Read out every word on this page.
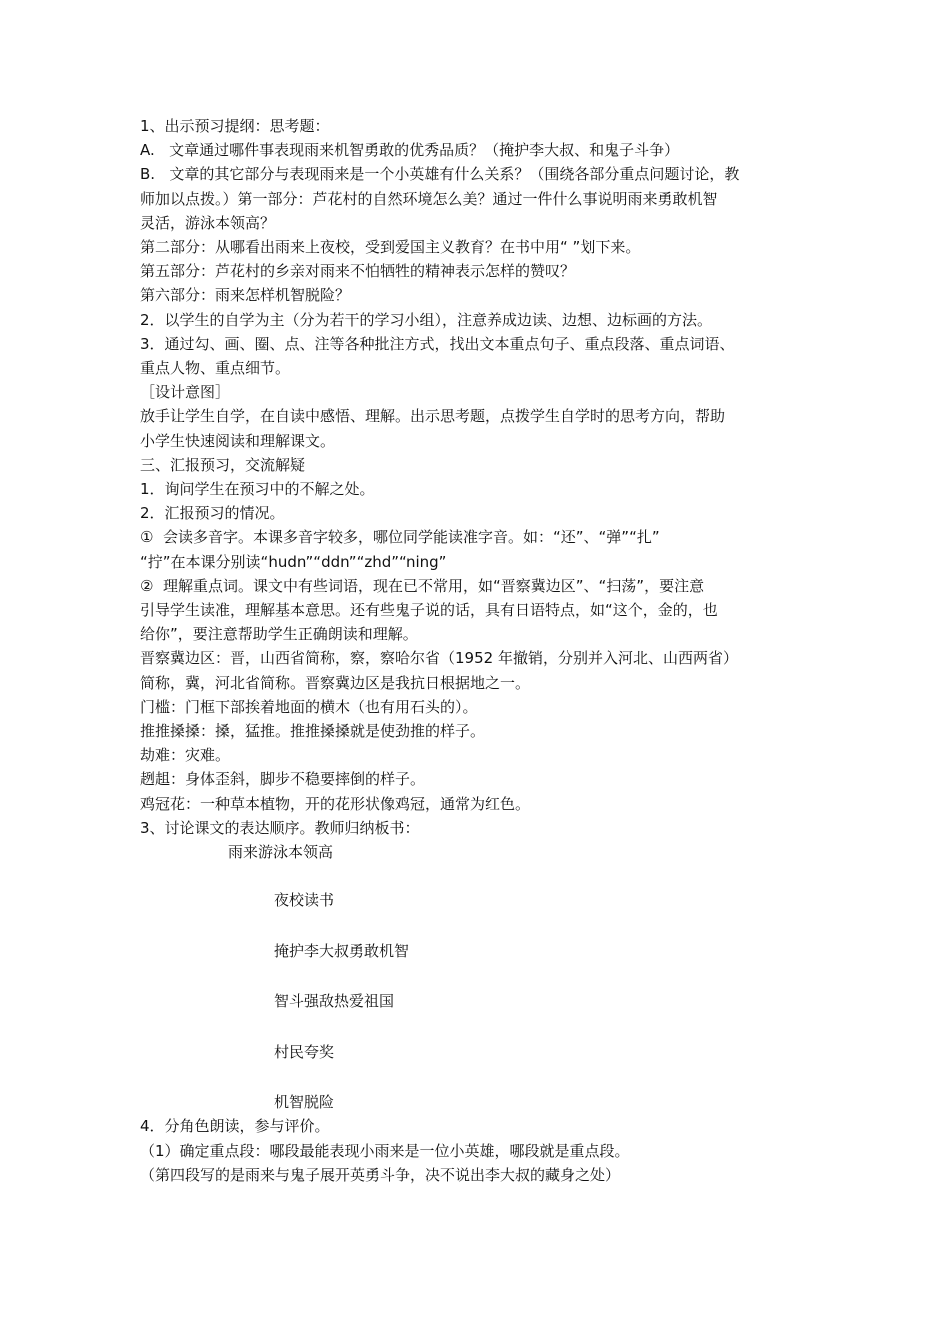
1、出示预习提纲：思考题：

A.   文章通过哪件事表现雨来机智勇敢的优秀品质？（掩护李大叔、和鬼子斗争）

B.   文章的其它部分与表现雨来是一个小英雄有什么关系？（围绕各部分重点问题讨论，教

师加以点拨。）第一部分：芦花村的自然环境怎么美？通过一件什么事说明雨来勇敢机智

灵活，游泳本领高？

第二部分：从哪看出雨来上夜校，受到爱国主义教育？在书中用“ ”划下来。

第五部分：芦花村的乡亲对雨来不怕牺牲的精神表示怎样的赞叹？

第六部分：雨来怎样机智脱险？

2．以学生的自学为主（分为若干的学习小组），注意养成边读、边想、边标画的方法。

3．通过勾、画、圈、点、注等各种批注方式，找出文本重点句子、重点段落、重点词语、

重点人物、重点细节。

［设计意图］

放手让学生自学，在自读中感悟、理解。出示思考题，点拨学生自学时的思考方向，帮助

小学生快速阅读和理解课文。

三、汇报预习，交流解疑

1．询问学生在预习中的不解之处。

2．汇报预习的情况。

①  会读多音字。本课多音字较多，哪位同学能读准字音。如：“还”、“弹”“扎”

“拧”在本课分别读“hudn”“ddn”“zhd”“ning”

②  理解重点词。课文中有些词语，现在已不常用，如“晋察冀边区”、“扫荡”，要注意

引导学生读准，理解基本意思。还有些鬼子说的话，具有日语特点，如“这个，金的，也

给你”，要注意帮助学生正确朗读和理解。

晋察冀边区：晋，山西省简称，察，察哈尔省（1952 年撤销，分别并入河北、山西两省）

简称，冀，河北省简称。晋察冀边区是我抗日根据地之一。

门槛：门框下部挨着地面的横木（也有用石头的）。

推推搡搡：搡，猛推。推推搡搡就是使劲推的样子。

劫难：灾难。

趔趄：身体歪斜，脚步不稳要摔倒的样子。

鸡冠花：一种草本植物，开的花形状像鸡冠，通常为红色。

3、讨论课文的表达顺序。教师归纳板书：

雨来游泳本领高

夜校读书

掩护李大叔勇敢机智

智斗强敌热爱祖国

村民夸奖

机智脱险

4．分角色朗读，参与评价。

（1）确定重点段：哪段最能表现小雨来是一位小英雄，哪段就是重点段。

（第四段写的是雨来与鬼子展开英勇斗争，决不说出李大叔的藏身之处）
